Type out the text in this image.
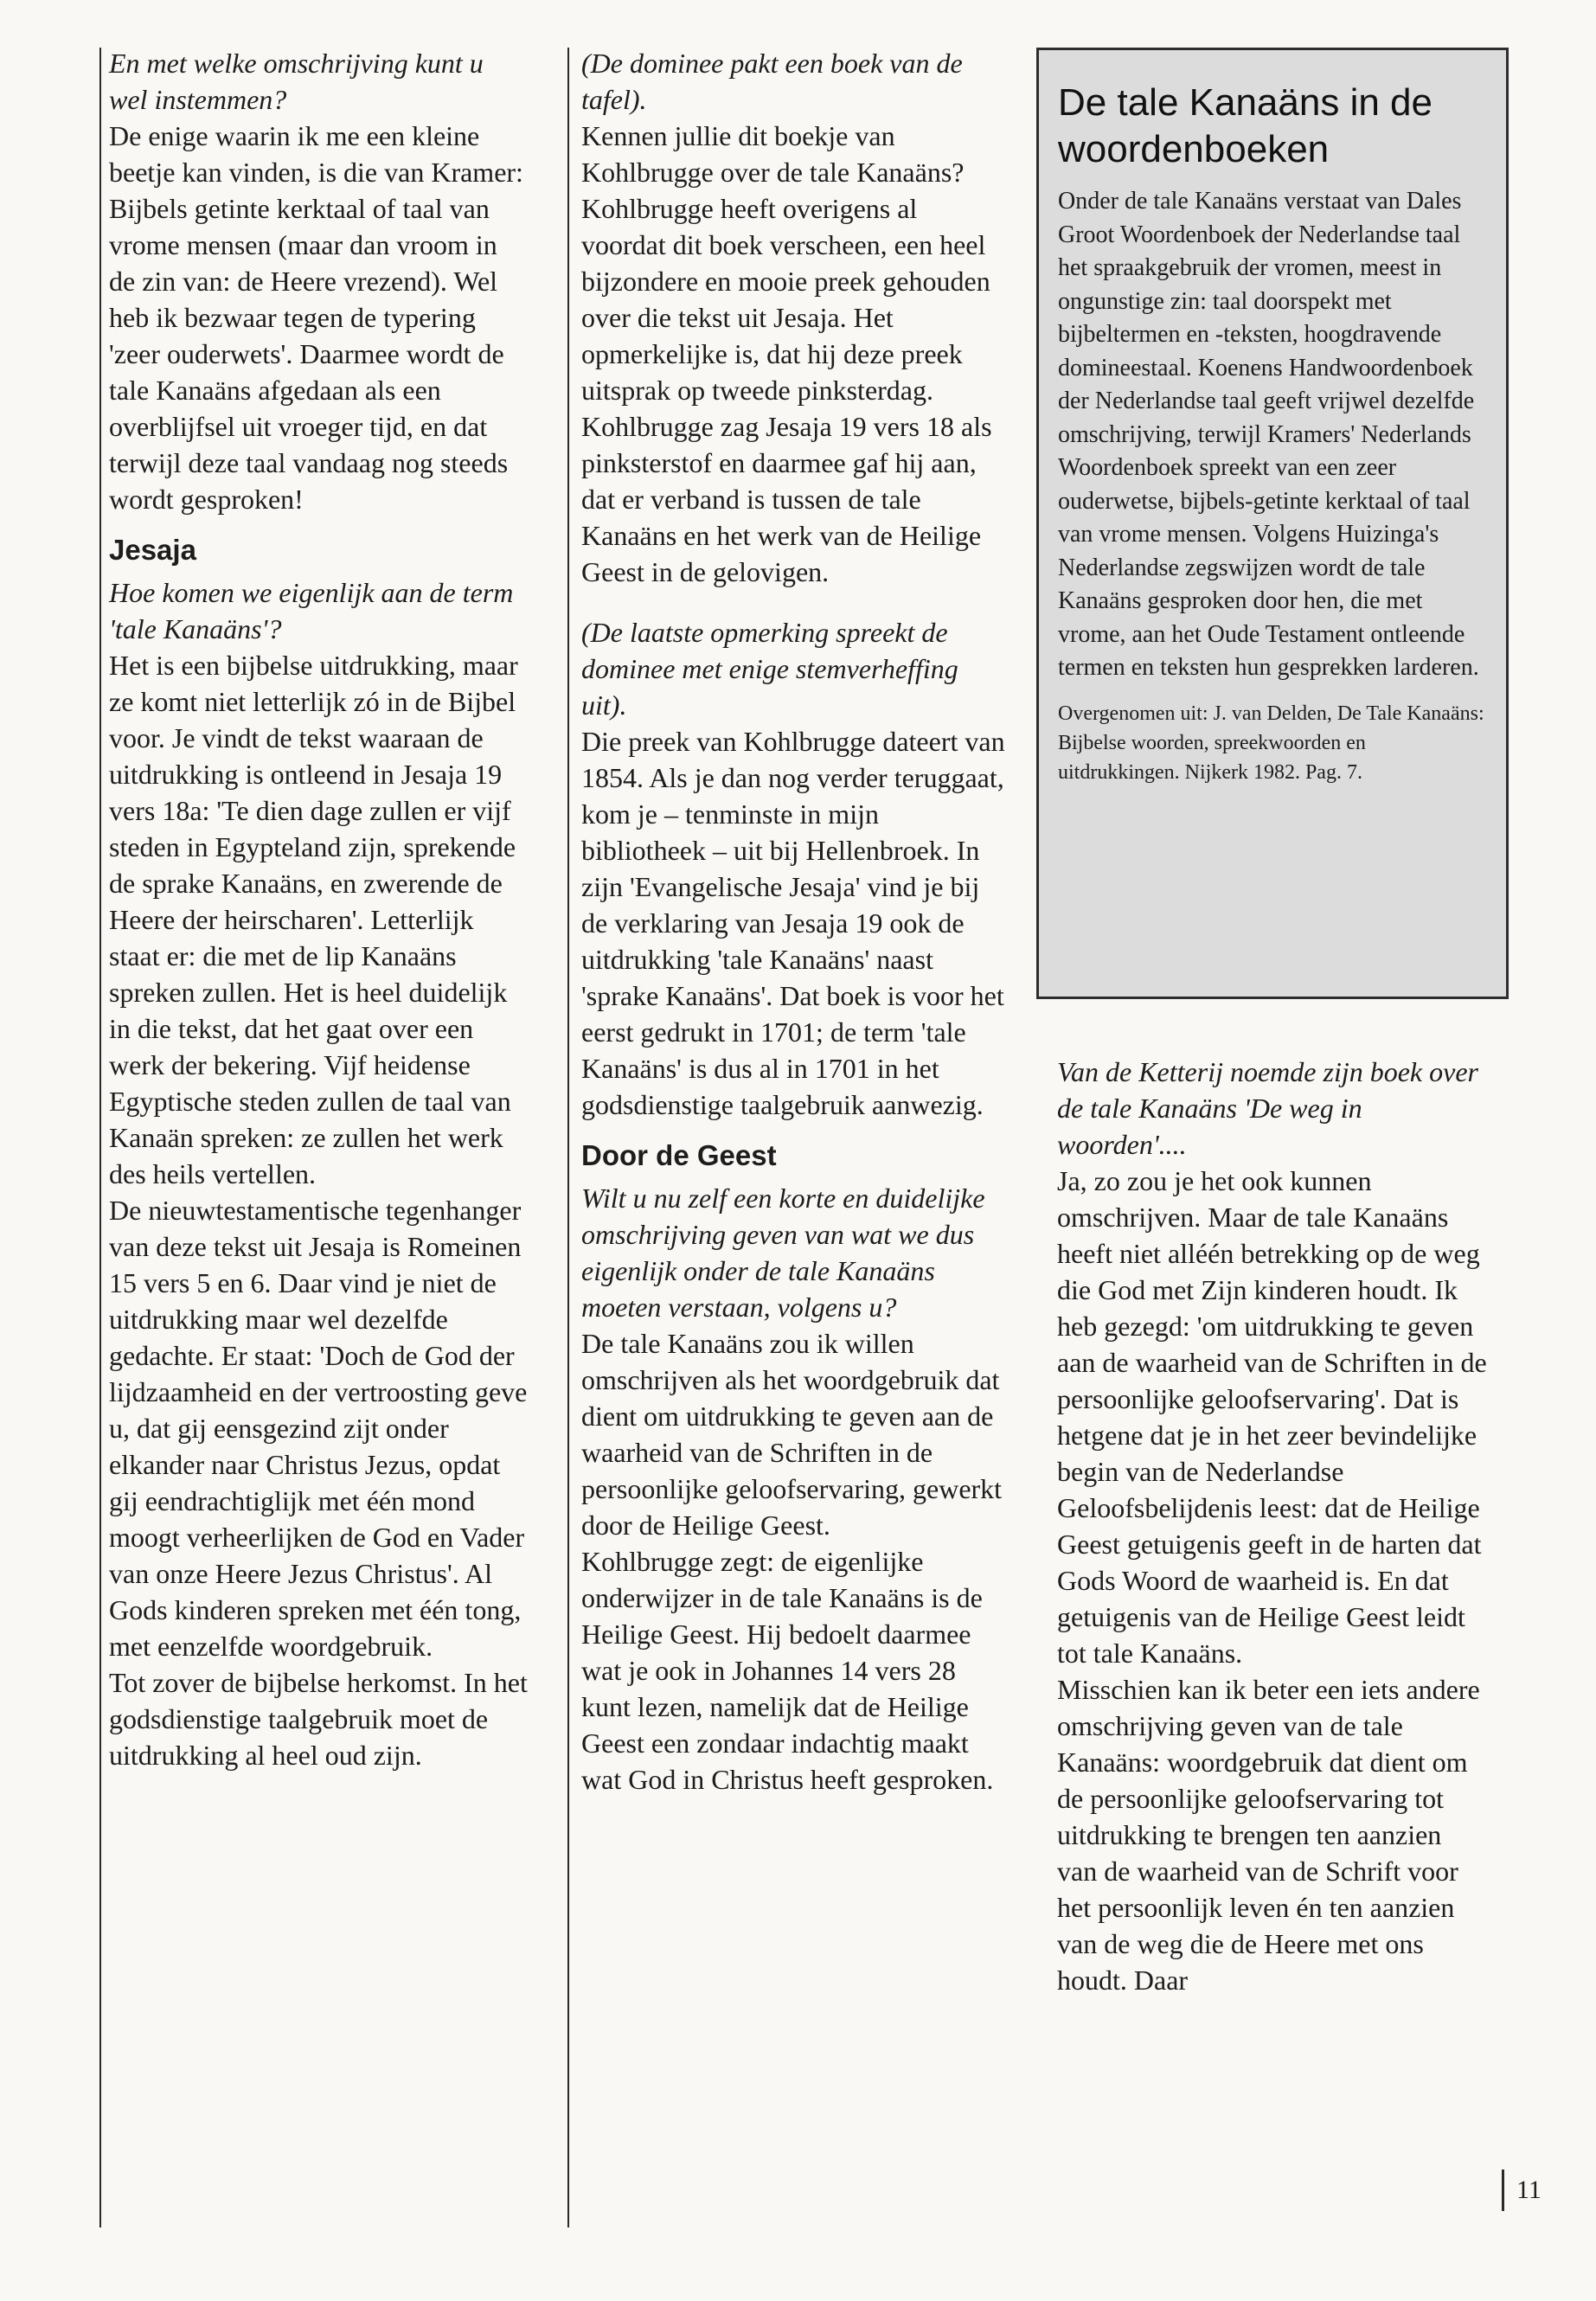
En met welke omschrijving kunt u wel instemmen?

De enige waarin ik me een kleine beetje kan vinden, is die van Kramer: Bijbels getinte kerktaal of taal van vrome mensen (maar dan vroom in de zin van: de Heere vrezend). Wel heb ik bezwaar tegen de typering 'zeer ouderwets'. Daarmee wordt de tale Kanaäns afgedaan als een overblijfsel uit vroeger tijd, en dat terwijl deze taal vandaag nog steeds wordt gesproken!

Jesaja

Hoe komen we eigenlijk aan de term 'tale Kanaäns'?

Het is een bijbelse uitdrukking, maar ze komt niet letterlijk zó in de Bijbel voor. Je vindt de tekst waaraan de uitdrukking is ontleend in Jesaja 19 vers 18a: 'Te dien dage zullen er vijf steden in Egypteland zijn, sprekende de sprake Kanaäns, en zwerende de Heere der heirscharen'. Letterlijk staat er: die met de lip Kanaäns spreken zullen. Het is heel duidelijk in die tekst, dat het gaat over een werk der bekering. Vijf heidense Egyptische steden zullen de taal van Kanaän spreken: ze zullen het werk des heils vertellen.

De nieuwtestamentische tegenhanger van deze tekst uit Jesaja is Romeinen 15 vers 5 en 6. Daar vind je niet de uitdrukking maar wel dezelfde gedachte. Er staat: 'Doch de God der lijdzaamheid en der vertroosting geve u, dat gij eensgezind zijt onder elkander naar Christus Jezus, opdat gij eendrachtiglijk met één mond moogt verheerlijken de God en Vader van onze Heere Jezus Christus'. Al Gods kinderen spreken met één tong, met eenzelfde woordgebruik.

Tot zover de bijbelse herkomst. In het godsdienstige taalgebruik moet de uitdrukking al heel oud zijn.

(De dominee pakt een boek van de tafel).

Kennen jullie dit boekje van Kohlbrugge over de tale Kanaäns? Kohlbrugge heeft overigens al voordat dit boek verscheen, een heel bijzondere en mooie preek gehouden over die tekst uit Jesaja. Het opmerkelijke is, dat hij deze preek uitsprak op tweede pinksterdag. Kohlbrugge zag Jesaja 19 vers 18 als pinksterstof en daarmee gaf hij aan, dat er verband is tussen de tale Kanaäns en het werk van de Heilige Geest in de gelovigen.

(De laatste opmerking spreekt de dominee met enige stemverheffing uit).

Die preek van Kohlbrugge dateert van 1854. Als je dan nog verder teruggaat, kom je – tenminste in mijn bibliotheek – uit bij Hellenbroek. In zijn 'Evangelische Jesaja' vind je bij de verklaring van Jesaja 19 ook de uitdrukking 'tale Kanaäns' naast 'sprake Kanaäns'. Dat boek is voor het eerst gedrukt in 1701; de term 'tale Kanaäns' is dus al in 1701 in het godsdienstige taalgebruik aanwezig.

Door de Geest

Wilt u nu zelf een korte en duidelijke omschrijving geven van wat we dus eigenlijk onder de tale Kanaäns moeten verstaan, volgens u?

De tale Kanaäns zou ik willen omschrijven als het woordgebruik dat dient om uitdrukking te geven aan de waarheid van de Schriften in de persoonlijke geloofservaring, gewerkt door de Heilige Geest.

Kohlbrugge zegt: de eigenlijke onderwijzer in de tale Kanaäns is de Heilige Geest. Hij bedoelt daarmee wat je ook in Johannes 14 vers 28 kunt lezen, namelijk dat de Heilige Geest een zondaar indachtig maakt wat God in Christus heeft gesproken.

De tale Kanaäns in de woordenboeken

Onder de tale Kanaäns verstaat van Dales Groot Woordenboek der Nederlandse taal het spraakgebruik der vromen, meest in ongunstige zin: taal doorspekt met bijbeltermen en -teksten, hoogdravende domineestaal. Koenens Handwoordenboek der Nederlandse taal geeft vrijwel dezelfde omschrijving, terwijl Kramers' Nederlands Woordenboek spreekt van een zeer ouderwetse, bijbels-getinte kerktaal of taal van vrome mensen. Volgens Huizinga's Nederlandse zegswijzen wordt de tale Kanaäns gesproken door hen, die met vrome, aan het Oude Testament ontleende termen en teksten hun gesprekken larderen.

Overgenomen uit: J. van Delden, De Tale Kanaäns: Bijbelse woorden, spreekwoorden en uitdrukkingen. Nijkerk 1982. Pag. 7.

Van de Ketterij noemde zijn boek over de tale Kanaäns 'De weg in woorden'....

Ja, zo zou je het ook kunnen omschrijven. Maar de tale Kanaäns heeft niet alléén betrekking op de weg die God met Zijn kinderen houdt. Ik heb gezegd: 'om uitdrukking te geven aan de waarheid van de Schriften in de persoonlijke geloofservaring'. Dat is hetgene dat je in het zeer bevindelijke begin van de Nederlandse Geloofsbelijdenis leest: dat de Heilige Geest getuigenis geeft in de harten dat Gods Woord de waarheid is. En dat getuigenis van de Heilige Geest leidt tot tale Kanaäns.

Misschien kan ik beter een iets andere omschrijving geven van de tale Kanaäns: woordgebruik dat dient om de persoonlijke geloofservaring tot uitdrukking te brengen ten aanzien van de waarheid van de Schrift voor het persoonlijk leven én ten aanzien van de weg die de Heere met ons houdt. Daar

11
